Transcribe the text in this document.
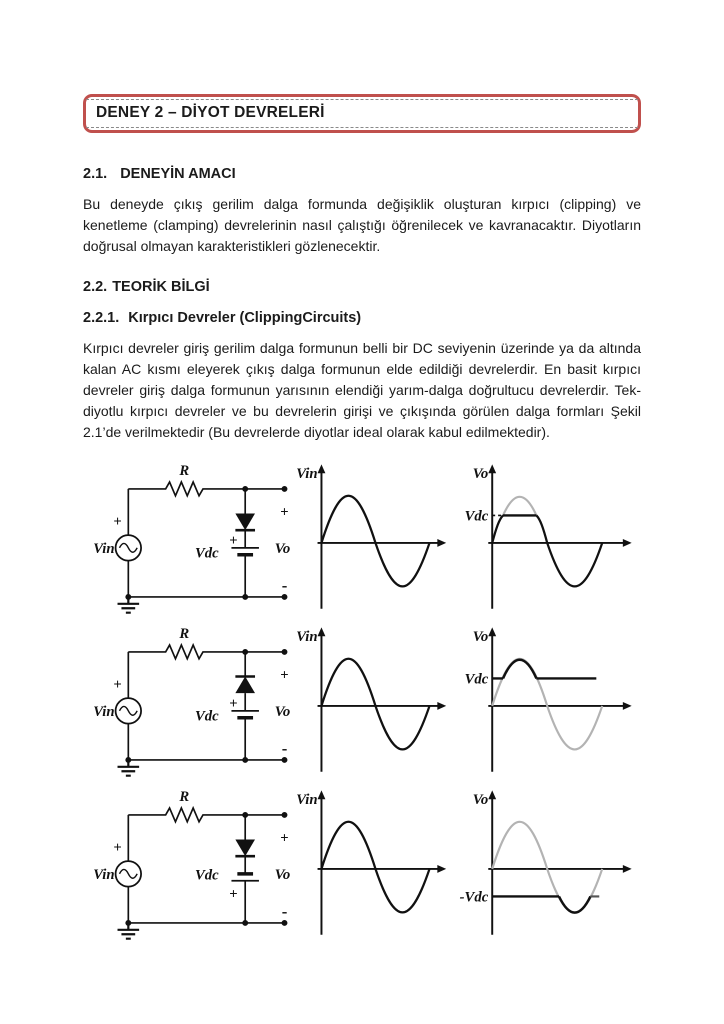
DENEY 2 – DİYOT DEVRELERİ
2.1. DENEYİN AMACI

Bu deneyde çıkış gerilim dalga formunda değişiklik oluşturan kırpıcı (clipping) ve kenetleme (clamping) devrelerinin nasıl çalıştığı öğrenilecek ve kavranacaktır. Diyotların doğrusal olmayan karakteristikleri gözlenecektir.

2.2. TEORİK BİLGİ
2.2.1. Kırpıcı Devreler (ClippingCircuits)

Kırpıcı devreler giriş gerilim dalga formunun belli bir DC seviyenin üzerinde ya da altında kalan AC kısmı eleyerek çıkış dalga formunun elde edildiği devrelerdir. En basit kırpıcı devreler giriş dalga formunun yarısının elendiği yarım-dalga doğrultucu devrelerdir. Tek-diyotlu kırpıcı devreler ve bu devrelerin girişi ve çıkışında görülen dalga formları Şekil 2.1’de verilmektedir (Bu devrelerde diyotlar ideal olarak kabul edilmektedir).

R
Vin
+
Vdc
+
+
Vo
-
Vin	Vo
Vdc
R
Vin
+
Vdc
+
+
Vo
-
Vin	Vo
Vdc
R
Vin
+
Vdc
+
+
Vo
-
Vin	Vo
-Vdc
